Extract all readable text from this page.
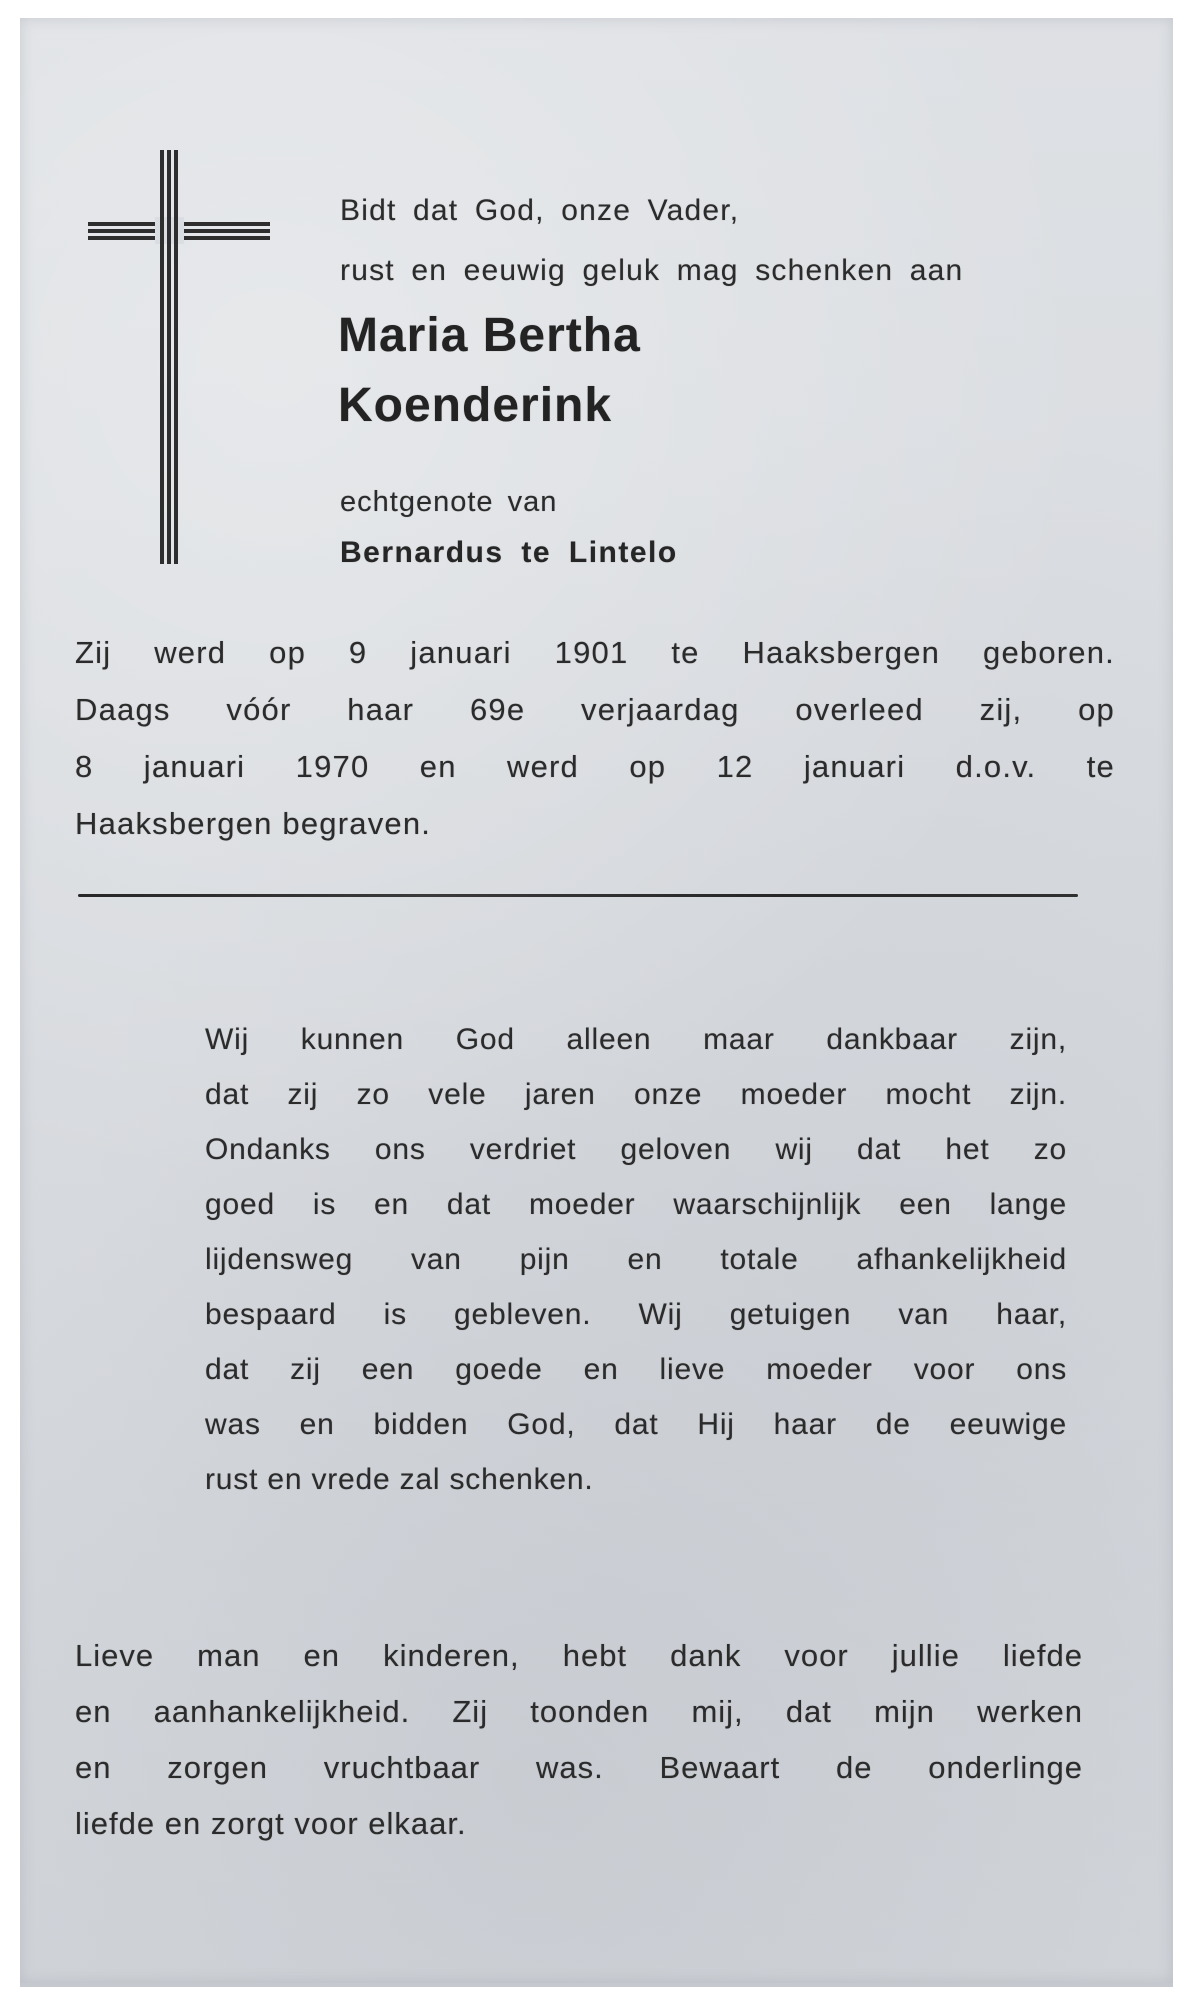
Bidt dat God, onze Vader,
rust en eeuwig geluk mag schenken aan
Maria Bertha
Koenderink
echtgenote van
Bernardus te Lintelo
Zij werd op 9 januari 1901 te Haaksbergen geboren.
Daags vóór haar 69e verjaardag overleed zij, op
8 januari 1970 en werd op 12 januari d.o.v. te
Haaksbergen begraven.
Wij kunnen God alleen maar dankbaar zijn,
dat zij zo vele jaren onze moeder mocht zijn.
Ondanks ons verdriet geloven wij dat het zo
goed is en dat moeder waarschijnlijk een lange
lijdensweg van pijn en totale afhankelijkheid
bespaard is gebleven. Wij getuigen van haar,
dat zij een goede en lieve moeder voor ons
was en bidden God, dat Hij haar de eeuwige
rust en vrede zal schenken.
Lieve man en kinderen, hebt dank voor jullie liefde
en aanhankelijkheid. Zij toonden mij, dat mijn werken
en zorgen vruchtbaar was. Bewaart de onderlinge
liefde en zorgt voor elkaar.
